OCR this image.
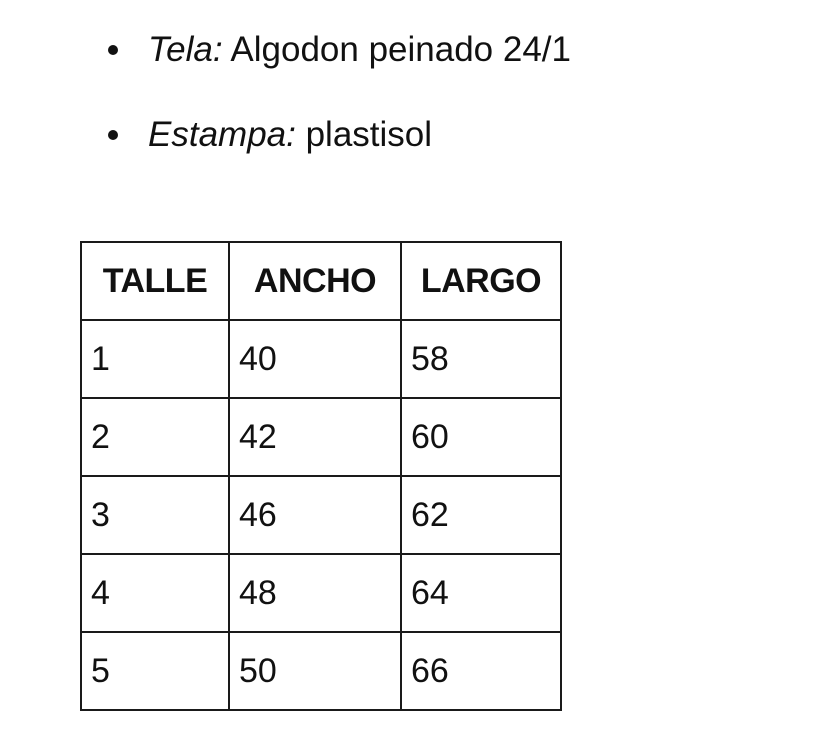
Tela: Algodon peinado 24/1
Estampa: plastisol
TALLE	ANCHO	LARGO
1	40	58
2	42	60
3	46	62
4	48	64
5	50	66
